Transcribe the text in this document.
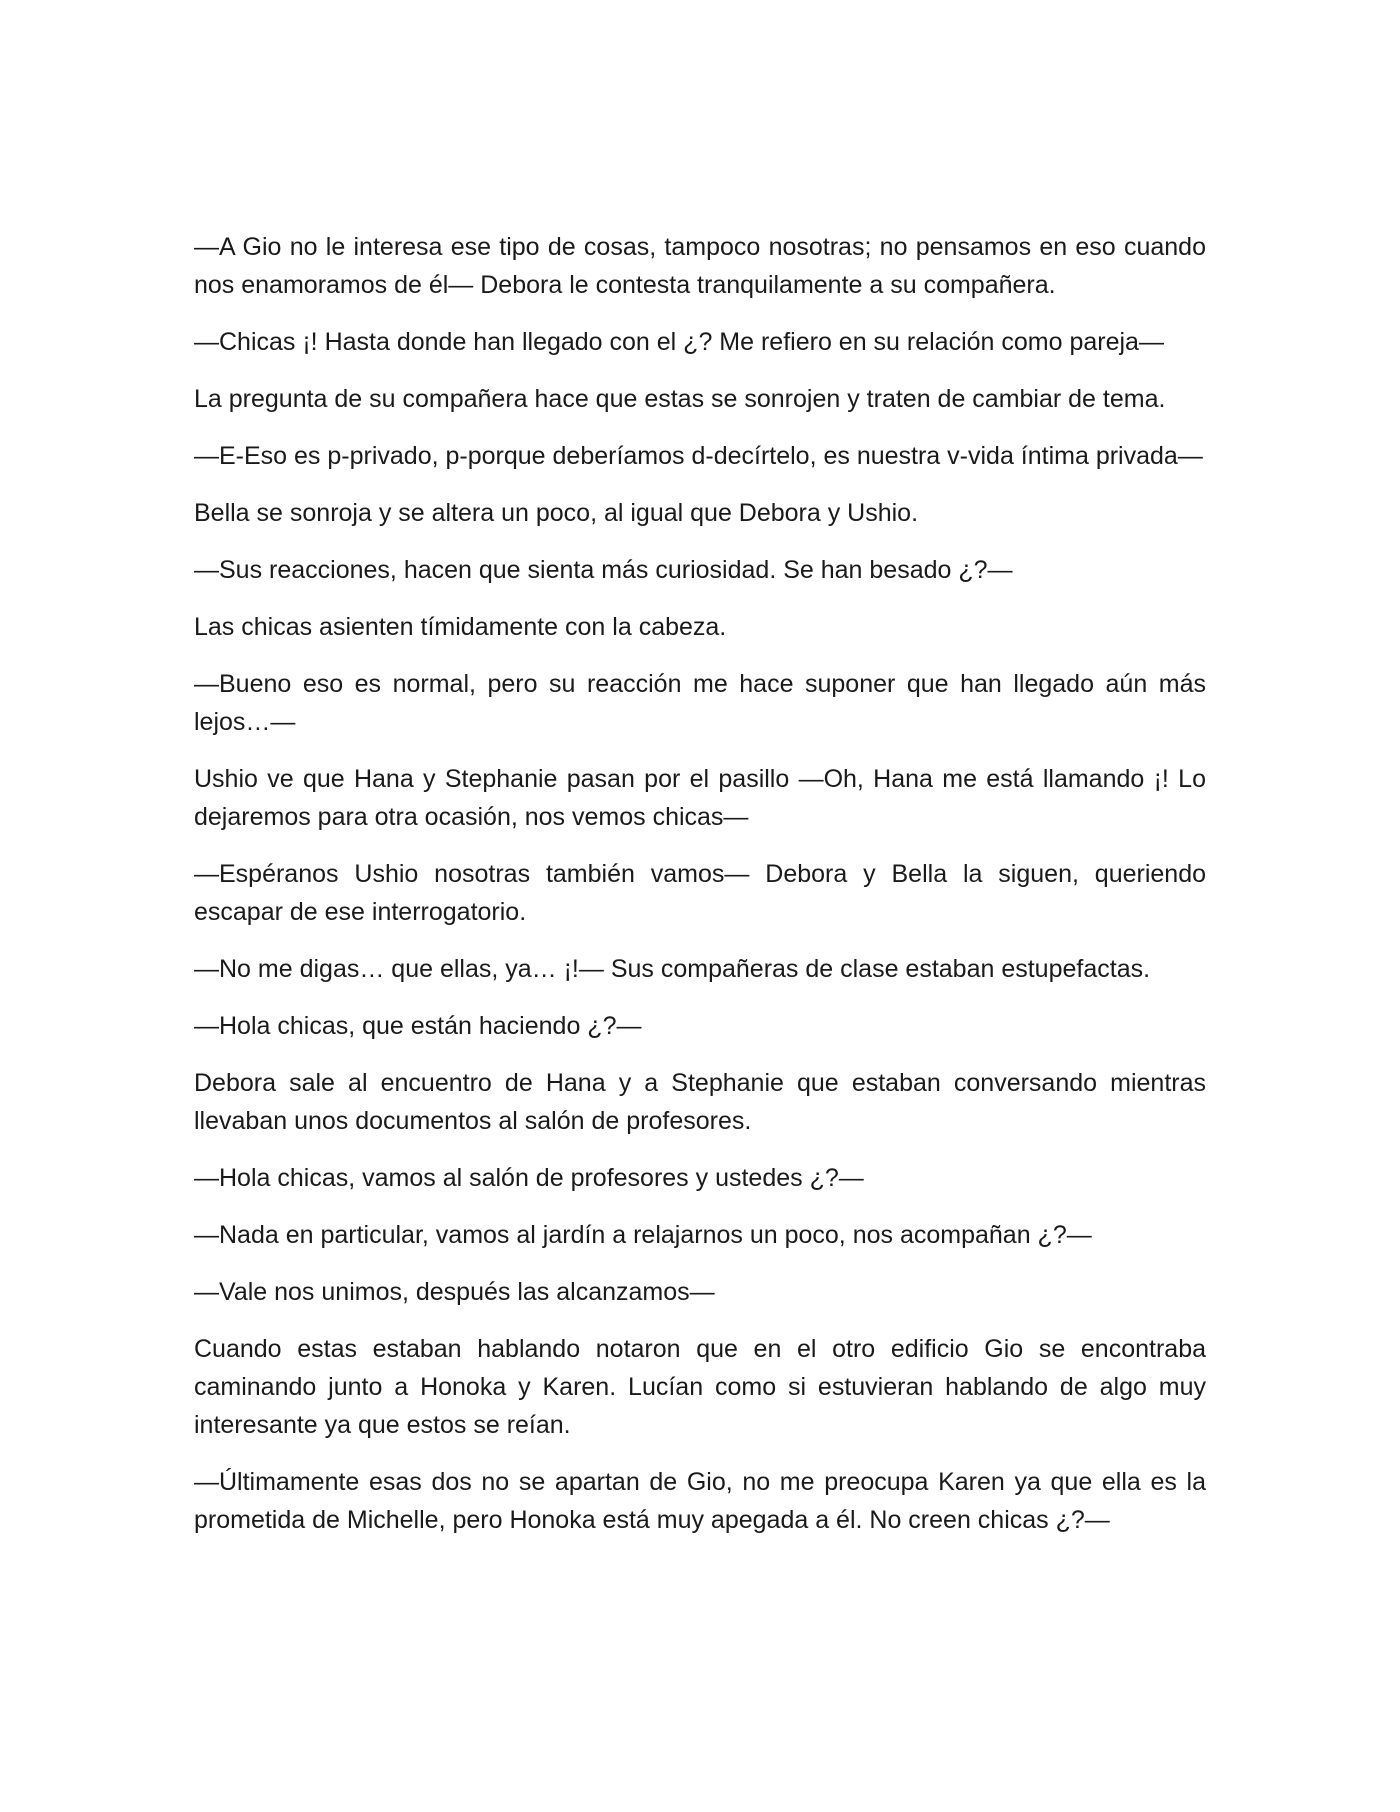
—A Gio no le interesa ese tipo de cosas, tampoco nosotras; no pensamos en eso cuando nos enamoramos de él— Debora le contesta tranquilamente a su compañera.

—Chicas ¡! Hasta donde han llegado con el ¿? Me refiero en su relación como pareja—

La pregunta de su compañera hace que estas se sonrojen y traten de cambiar de tema.

—E-Eso es p-privado, p-porque deberíamos d-decírtelo, es nuestra v-vida íntima privada—

Bella se sonroja y se altera un poco, al igual que Debora y Ushio.

—Sus reacciones, hacen que sienta más curiosidad. Se han besado ¿?—

Las chicas asienten tímidamente con la cabeza.

—Bueno eso es normal, pero su reacción me hace suponer que han llegado aún más lejos…—

Ushio ve que Hana y Stephanie pasan por el pasillo —Oh, Hana me está llamando ¡! Lo dejaremos para otra ocasión, nos vemos chicas—

—Espéranos Ushio nosotras también vamos— Debora y Bella la siguen, queriendo escapar de ese interrogatorio.

—No me digas… que ellas, ya… ¡!— Sus compañeras de clase estaban estupefactas.

—Hola chicas, que están haciendo ¿?—

Debora sale al encuentro de Hana y a Stephanie que estaban conversando mientras llevaban unos documentos al salón de profesores.

—Hola chicas, vamos al salón de profesores y ustedes ¿?—

—Nada en particular, vamos al jardín a relajarnos un poco, nos acompañan ¿?—

—Vale nos unimos, después las alcanzamos—

Cuando estas estaban hablando notaron que en el otro edificio Gio se encontraba caminando junto a Honoka y Karen. Lucían como si estuvieran hablando de algo muy interesante ya que estos se reían.

—Últimamente esas dos no se apartan de Gio, no me preocupa Karen ya que ella es la prometida de Michelle, pero Honoka está muy apegada a él. No creen chicas ¿?—
